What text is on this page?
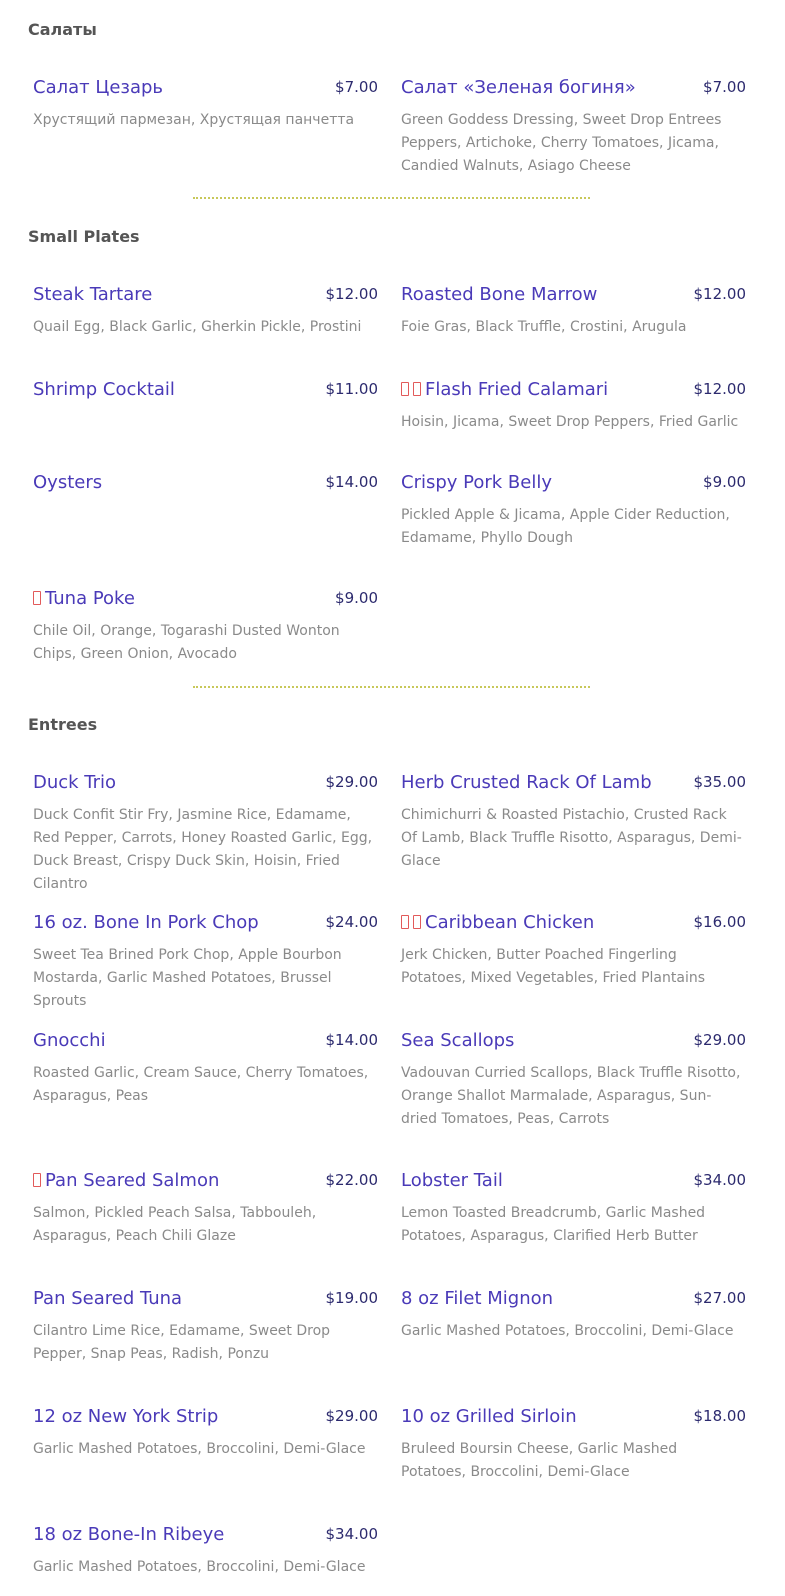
Салаты
Салат Цезарь	$7.00
Хрустящий пармезан, Хрустящая панчетта
Салат «Зеленая богиня»	$7.00
Green Goddess Dressing, Sweet Drop Entrees Peppers, Artichoke, Cherry Tomatoes, Jicama, Candied Walnuts, Asiago Cheese
Small Plates
Steak Tartare	$12.00
Quail Egg, Black Garlic, Gherkin Pickle, Prostini
Roasted Bone Marrow	$12.00
Foie Gras, Black Truffle, Crostini, Arugula
Shrimp Cocktail	$11.00	Flash Fried Calamari	$12.00
Hoisin, Jicama, Sweet Drop Peppers, Fried Garlic
Oysters	$14.00 Crispy Pork Belly	$9.00
Pickled Apple & Jicama, Apple Cider Reduction, Edamame, Phyllo Dough
Tuna Poke	$9.00
Chile Oil, Orange, Togarashi Dusted Wonton Chips, Green Onion, Avocado
Entrees
Duck Trio	$29.00
Duck Confit Stir Fry, Jasmine Rice, Edamame, Red Pepper, Carrots, Honey Roasted Garlic, Egg, Duck Breast, Crispy Duck Skin, Hoisin, Fried Cilantro
Herb Crusted Rack Of Lamb	$35.00
Chimichurri & Roasted Pistachio, Crusted Rack Of Lamb, Black Truffle Risotto, Asparagus, Demi-Glace
16 oz. Bone In Pork Chop	$24.00
Sweet Tea Brined Pork Chop, Apple Bourbon Mostarda, Garlic Mashed Potatoes, Brussel Sprouts
Caribbean Chicken	$16.00
Jerk Chicken, Butter Poached Fingerling Potatoes, Mixed Vegetables, Fried Plantains
Gnocchi	$14.00
Roasted Garlic, Cream Sauce, Cherry Tomatoes, Asparagus, Peas
Sea Scallops	$29.00
Vadouvan Curried Scallops, Black Truffle Risotto, Orange Shallot Marmalade, Asparagus, Sun-dried Tomatoes, Peas, Carrots
Pan Seared Salmon	$22.00
Salmon, Pickled Peach Salsa, Tabbouleh, Asparagus, Peach Chili Glaze
Lobster Tail	$34.00
Lemon Toasted Breadcrumb, Garlic Mashed Potatoes, Asparagus, Clarified Herb Butter
Pan Seared Tuna	$19.00
Cilantro Lime Rice, Edamame, Sweet Drop Pepper, Snap Peas, Radish, Ponzu
8 oz Filet Mignon	$27.00
Garlic Mashed Potatoes, Broccolini, Demi-Glace
12 oz New York Strip	$29.00
Garlic Mashed Potatoes, Broccolini, Demi-Glace
10 oz Grilled Sirloin	$18.00
Bruleed Boursin Cheese, Garlic Mashed Potatoes, Broccolini, Demi-Glace
18 oz Bone-In Ribeye	$34.00
Garlic Mashed Potatoes, Broccolini, Demi-Glace
